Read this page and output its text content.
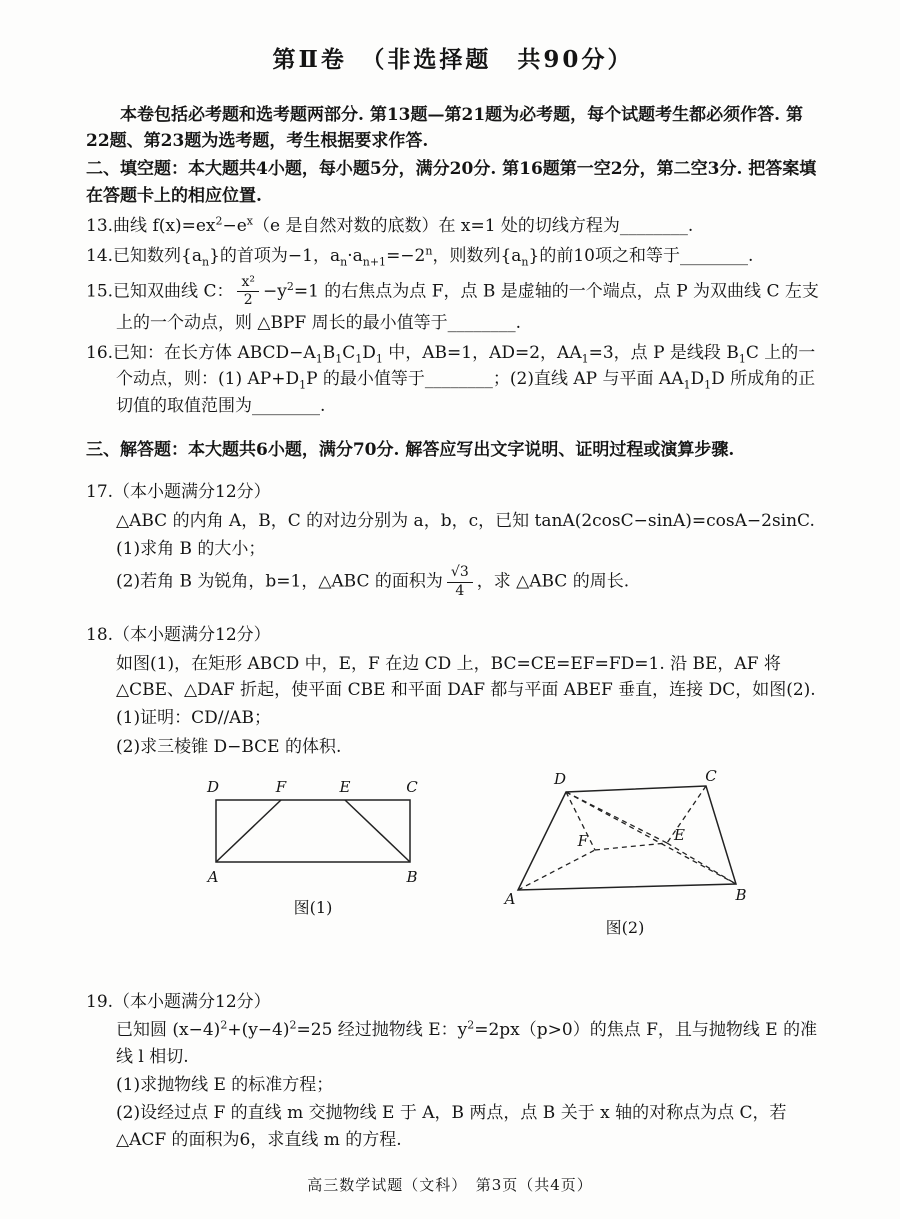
第Ⅱ卷　（非选择题　共90分）

本卷包括必考题和选考题两部分. 第13题—第21题为必考题，每个试题考生都必须作答. 第22题、第23题为选考题，考生根据要求作答.

二、填空题：本大题共4小题，每小题5分，满分20分. 第16题第一空2分，第二空3分. 把答案填在答题卡上的相应位置.

13.曲线 $f(x)=ex^2-e^x(e$ 是自然对数的底数）在 x=1 处的切线方程为________.

14.已知数列$\{a_n\}$的首项为−1，$a_n\cdot a_{n+1}=-2^n$，则数列$\{a_n\}$的前10项之和等于________.

15.已知双曲线 C： $\frac{\text{x²}}{2} -y^2=1$ 的右焦点为点 F，点 B 是虚轴的一个端点，点 P 为双曲线 C 左支上的一个动点，则 △BPF 周长的最小值等于________.

16.已知：在长方体 $ABCD-A_1B_1C_1D_1$ 中，AB=1，AD=2，$AA_1=3$，点 P 是线段 $B_1C$ 上的一个动点，则：(1) $AP+D_1P$ 的最小值等于________；(2)直线 AP 与平面 $AA_1D_1D$ 所成角的正切值的取值范围为________.

三、解答题：本大题共6小题，满分70分. 解答应写出文字说明、证明过程或演算步骤.

17.（本小题满分12分）

△ABC 的内角 A，B，C 的对边分别为 a，b，c，已知 tanA(2cosC−sinA)=cosA−2sinC.

(1)求角 B 的大小；

(2)若角 B 为锐角，b=1，△ABC 的面积为 $\frac{√3}{4}$ ，求 △ABC 的周长.

18.（本小题满分12分）

如图(1)，在矩形 ABCD 中，E，F 在边 CD 上，BC=CE=EF=FD=1. 沿 BE，AF 将 △CBE、△DAF 折起，使平面 CBE 和平面 DAF 都与平面 ABEF 垂直，连接 DC，如图(2).

(1)证明：CD//AB；

(2)求三棱锥 D−BCE 的体积.

D	F	E	C
A	B
图(1)	A	B
D	C
F	E
图(2)

19.（本小题满分12分）

已知圆 $(x-4)^2+(y-4)^2=25$ 经过抛物线 E：$y^2=2px(p>0)$的焦点 F，且与抛物线 E 的准线 l 相切.

(1)求抛物线 E 的标准方程；

(2)设经过点 F 的直线 m 交抛物线 E 于 A，B 两点，点 B 关于 x 轴的对称点为点 C，若 △ACF 的面积为6，求直线 m 的方程.

高三数学试题（文科）　第3页（共4页）
